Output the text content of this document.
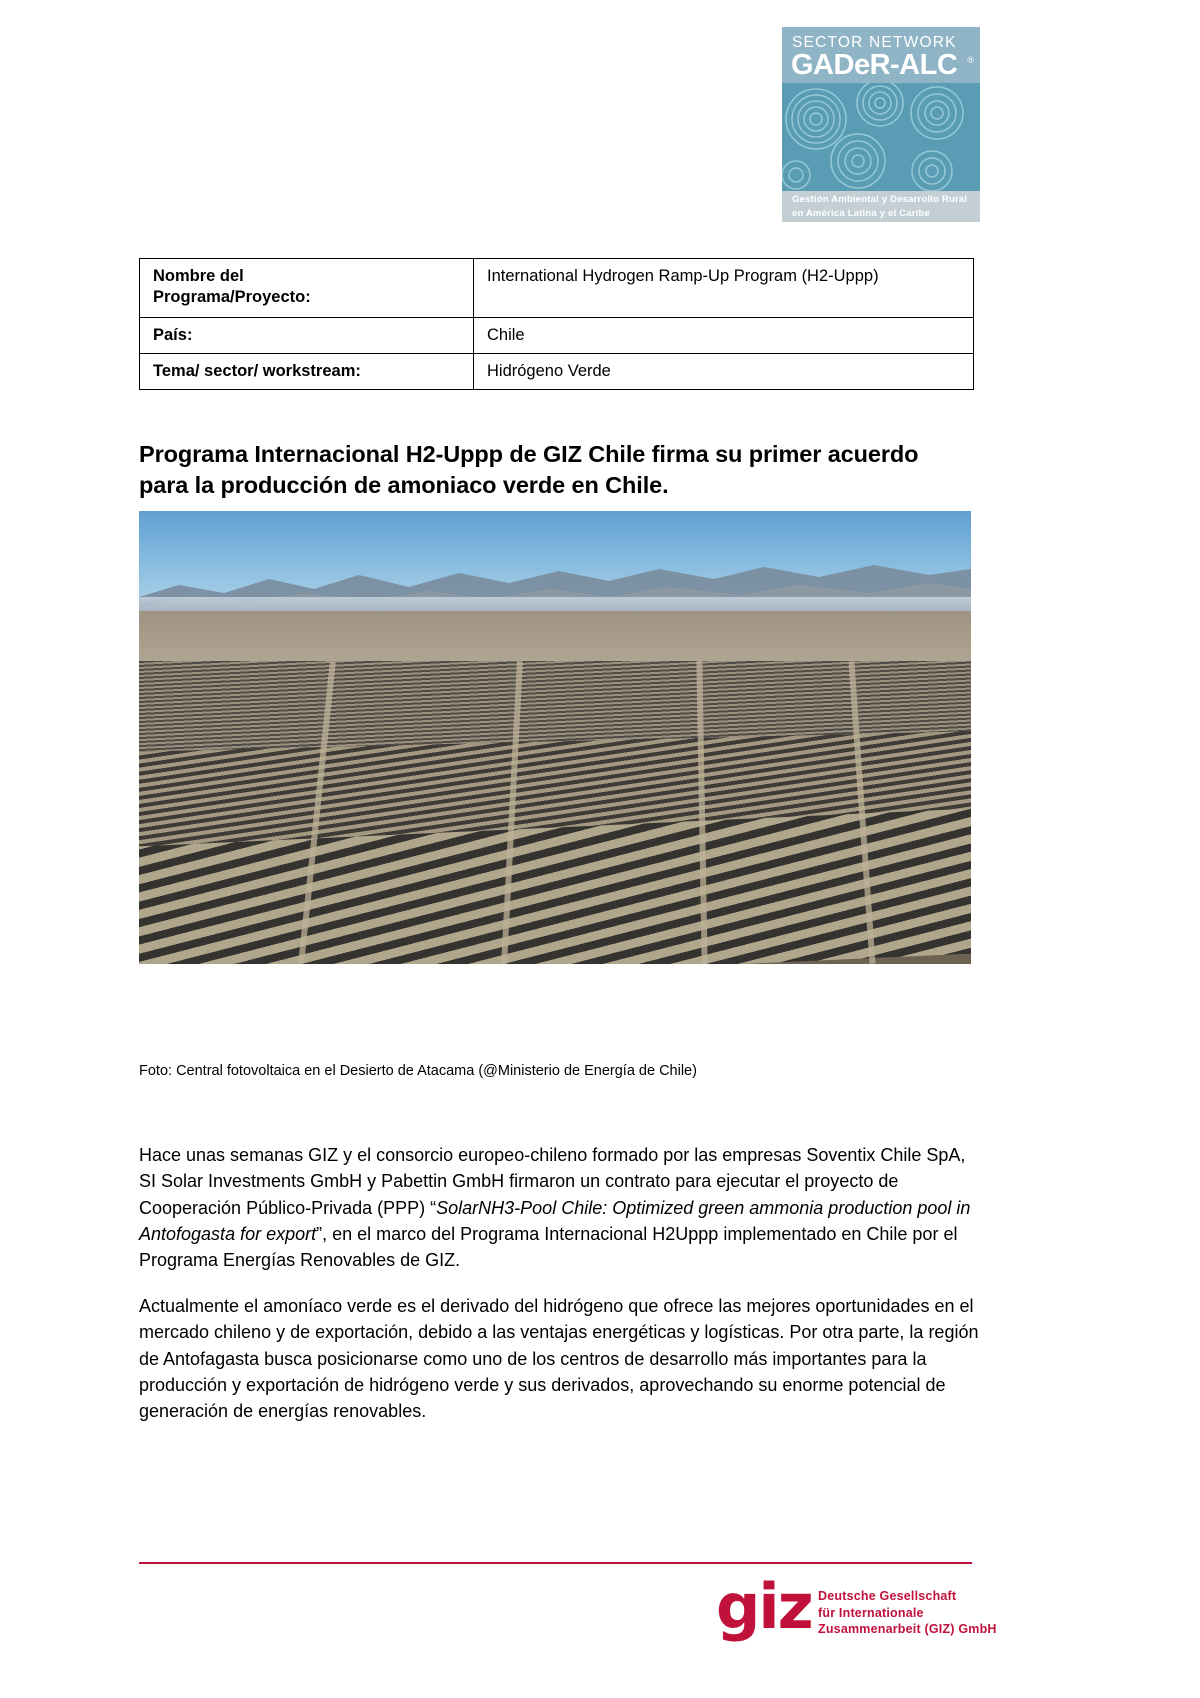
SECTOR NETWORK
GADeR-ALC ®
Gestión Ambiental y Desarrollo Rural
en América Latina y el Caribe
Nombre del
Programa/Proyecto:	International Hydrogen Ramp-Up Program (H2-Uppp)
País:	Chile
Tema/ sector/ workstream:	Hidrógeno Verde
Programa Internacional H2-Uppp de GIZ Chile firma su primer acuerdo para la producción de amoniaco verde en Chile.
Foto: Central fotovoltaica en el Desierto de Atacama (@Ministerio de Energía de Chile)

Hace unas semanas GIZ y el consorcio europeo-chileno formado por las empresas Soventix Chile SpA, SI Solar Investments GmbH y Pabettin GmbH firmaron un contrato para ejecutar el proyecto de Cooperación Público-Privada (PPP) “SolarNH3-Pool Chile: Optimized green ammonia production pool in Antofogasta for export”, en el marco del Programa Internacional H2Uppp implementado en Chile por el Programa Energías Renovables de GIZ.

Actualmente el amoníaco verde es el derivado del hidrógeno que ofrece las mejores oportunidades en el mercado chileno y de exportación, debido a las ventajas energéticas y logísticas. Por otra parte, la región de Antofagasta busca posicionarse como uno de los centros de desarrollo más importantes para la producción y exportación de hidrógeno verde y sus derivados, aprovechando su enorme potencial de generación de energías renovables.

giz Deutsche Gesellschaft
für Internationale
Zusammenarbeit (GIZ) GmbH
